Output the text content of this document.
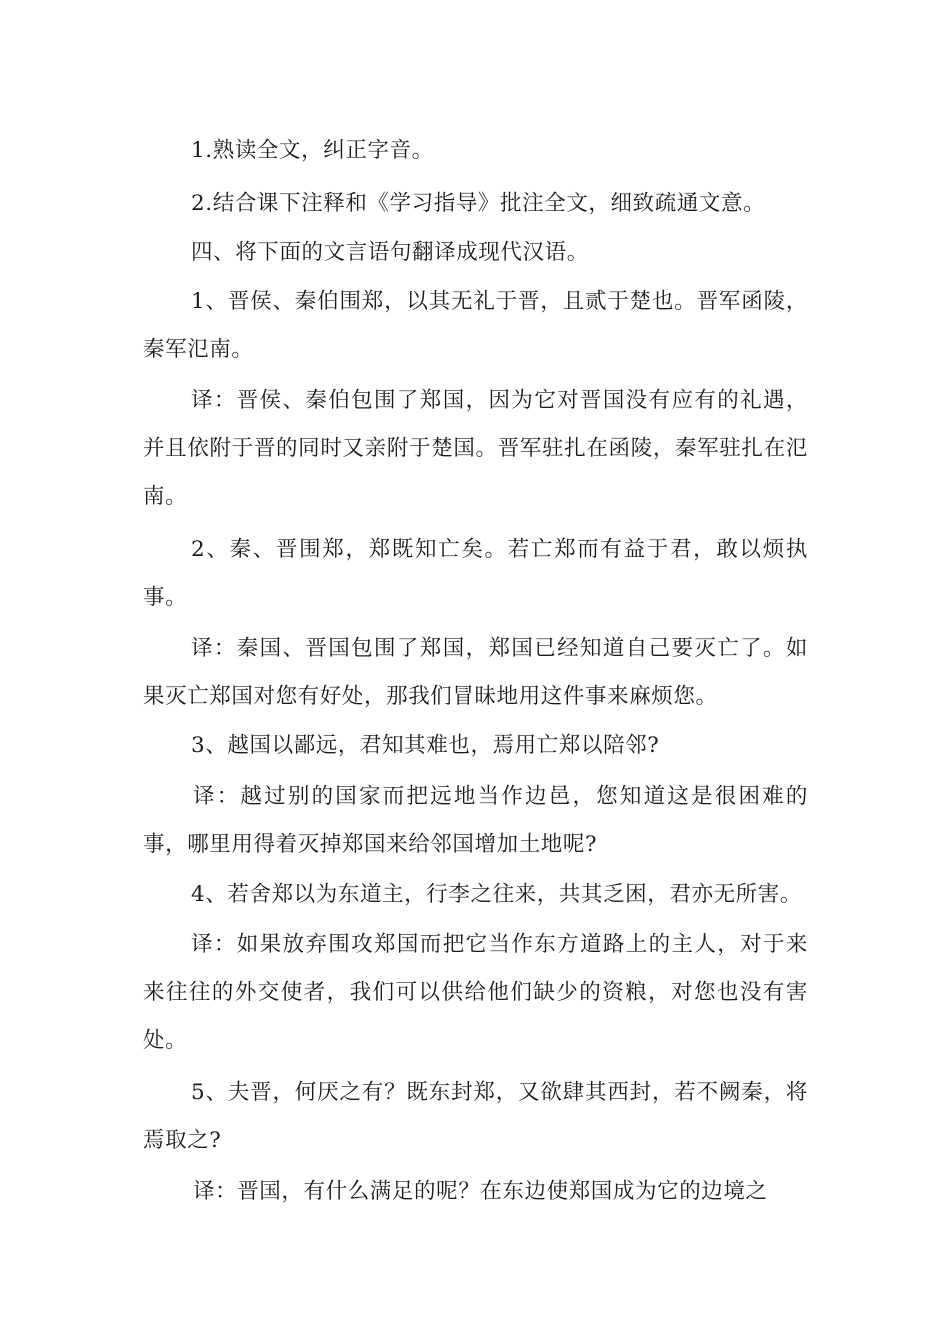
1.熟读全文，纠正字音。

2.结合课下注释和《学习指导》批注全文，细致疏通文意。

四、将下面的文言语句翻译成现代汉语。

1、晋侯、秦伯围郑，以其无礼于晋，且贰于楚也。晋军函陵，秦军氾南。

译：晋侯、秦伯包围了郑国，因为它对晋国没有应有的礼遇，并且依附于晋的同时又亲附于楚国。晋军驻扎在函陵，秦军驻扎在氾南。

2、秦、晋围郑，郑既知亡矣。若亡郑而有益于君，敢以烦执事。

译：秦国、晋国包围了郑国，郑国已经知道自己要灭亡了。如果灭亡郑国对您有好处，那我们冒昧地用这件事来麻烦您。

3、越国以鄙远，君知其难也，焉用亡郑以陪邻?

译：越过别的国家而把远地当作边邑，您知道这是很困难的事，哪里用得着灭掉郑国来给邻国增加土地呢?

4、若舍郑以为东道主，行李之往来，共其乏困，君亦无所害。

译：如果放弃围攻郑国而把它当作东方道路上的主人，对于来来往往的外交使者，我们可以供给他们缺少的资粮，对您也没有害处。

5、夫晋，何厌之有？既东封郑，又欲肆其西封，若不阙秦，将焉取之?

译：晋国，有什么满足的呢？在东边使郑国成为它的边境之
